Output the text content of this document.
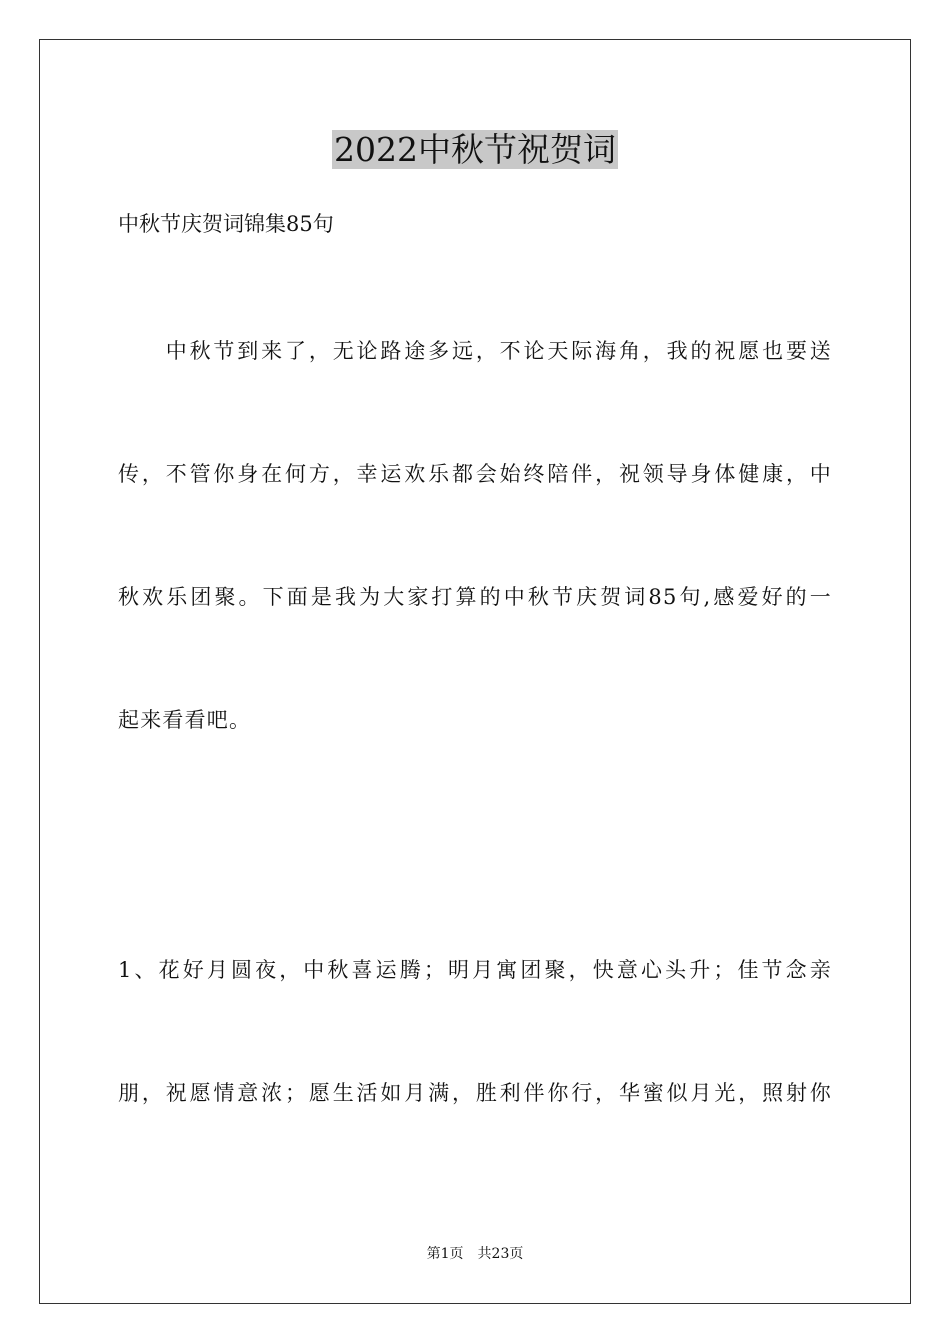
2022中秋节祝贺词
中秋节庆贺词锦集85句
　　中秋节到来了，无论路途多远，不论天际海角，我的祝愿也要送
传，不管你身在何方，幸运欢乐都会始终陪伴，祝领导身体健康，中
秋欢乐团聚。下面是我为大家打算的中秋节庆贺词85句,感爱好的一
起来看看吧。
1、花好月圆夜，中秋喜运腾；明月寓团聚，快意心头升；佳节念亲
朋，祝愿情意浓；愿生活如月满，胜利伴你行，华蜜似月光，照射你
第1页　共23页
